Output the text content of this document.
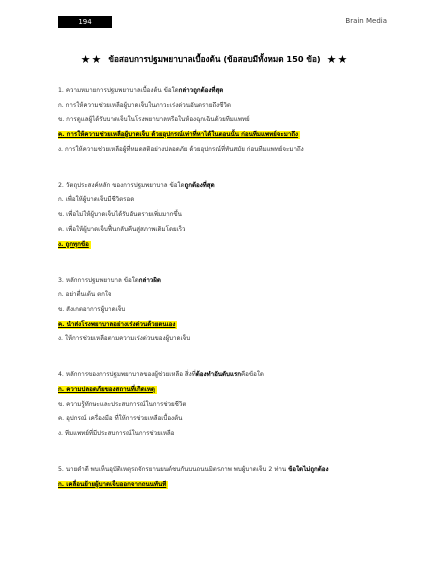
194	Brain Media
★★ ข้อสอบการปฐมพยาบาลเบื้องต้น (ข้อสอบมีทั้งหมด 150 ข้อ) ★★
1. ความหมายการปฐมพยาบาลเบื้องต้น ข้อใดกล่าวถูกต้องที่สุด
ก. การให้ความช่วยเหลือผู้บาดเจ็บในภาวะเร่งด่วนอันตรายถึงชีวิต
ข. การดูแลผู้ได้รับบาดเจ็บในโรงพยาบาลหรือในห้องฉุกเฉินด้วยทีมแพทย์
ค. การให้ความช่วยเหลือผู้บาดเจ็บ ด้วยอุปกรณ์เท่าที่หาได้ในตอนนั้น ก่อนทีมแพทย์จะมาถึง
ง. การให้ความช่วยเหลือผู้ที่หมดสติอย่างปลอดภัย ด้วยอุปกรณ์ที่ทันสมัย ก่อนทีมแพทย์จะมาถึง
2. วัตถุประสงค์หลัก ของการปฐมพยาบาล ข้อใดถูกต้องที่สุด
ก. เพื่อให้ผู้บาดเจ็บมีชีวิตรอด
ข. เพื่อไม่ให้ผู้บาดเจ็บได้รับอันตรายเพิ่มมากขึ้น
ค. เพื่อให้ผู้บาดเจ็บฟื้นกลับคืนสู่สภาพเดิมโดยเร็ว
ง. ถูกทุกข้อ
3. หลักการปฐมพยาบาล ข้อใดกล่าวผิด
ก. อย่าตื่นเต้น ตกใจ
ข. สังเกตอาการผู้บาดเจ็บ
ค. นำส่งโรงพยาบาลอย่างเร่งด่วนด้วยตนเอง
ง. ให้การช่วยเหลือตามความเร่งด่วนของผู้บาดเจ็บ
4. หลักการของการปฐมพยาบาลของผู้ช่วยเหลือ สิ่งที่ต้องทำอันดับแรกคือข้อใด
ก. ความปลอดภัยของสถานที่เกิดเหตุ
ข. ความรู้ทักษะและประสบการณ์ในการช่วยชีวิต
ค. อุปกรณ์ เครื่องมือ ที่ให้การช่วยเหลือเบื้องต้น
ง. ทีมแพทย์ที่มีประสบการณ์ในการช่วยเหลือ
5. นายดำดี พบเห็นอุบัติเหตุรถจักรยานยนต์ชนกันบนถนนมิตรภาพ พบผู้บาดเจ็บ 2 ท่าน ข้อใดไม่ถูกต้อง
ก. เคลื่อนย้ายผู้บาดเจ็บออกจากถนนทันที
